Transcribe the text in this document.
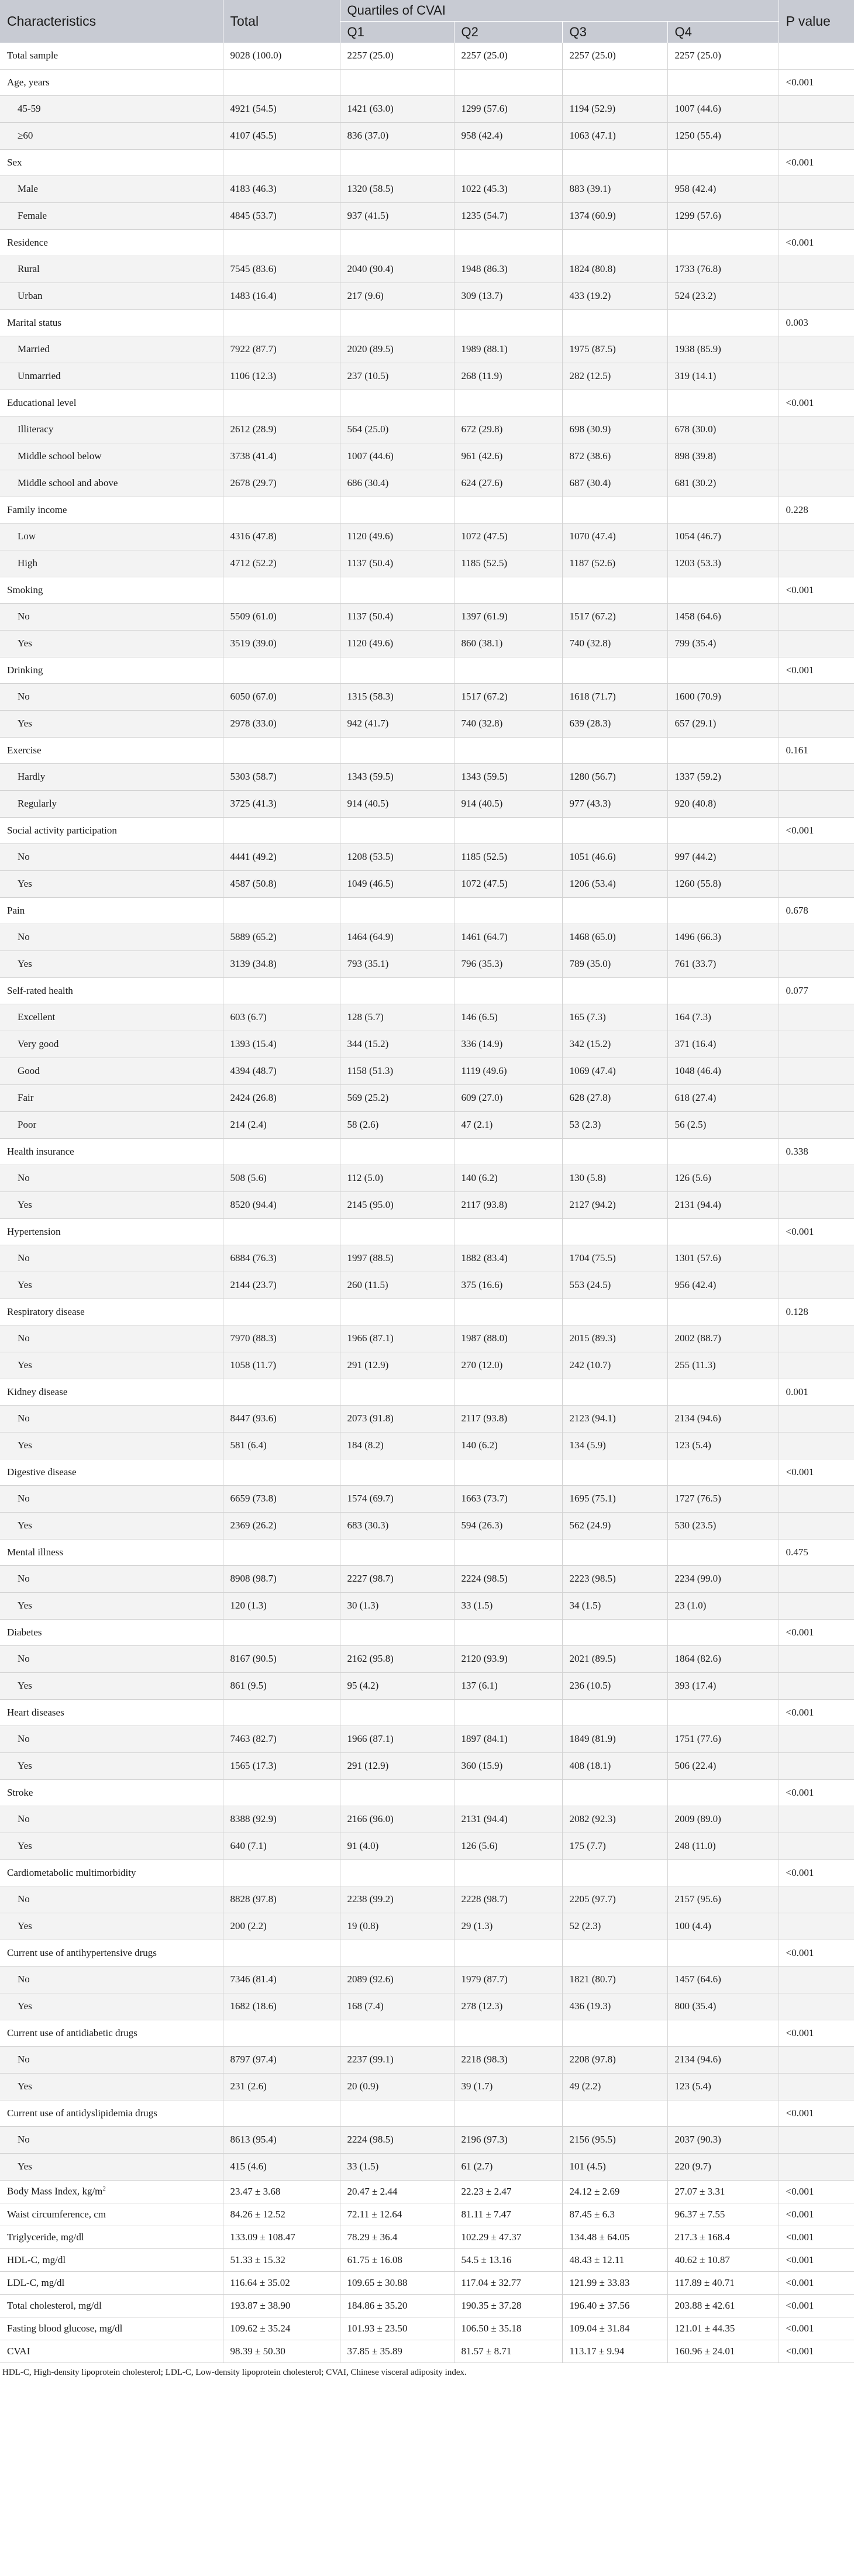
Characteristics	Total	Quartiles of CVAI				P value
		Q1	Q2	Q3	Q4	
Total sample	9028 (100.0)	2257 (25.0)	2257 (25.0)	2257 (25.0)	2257 (25.0)	
Age, years						<0.001
45-59	4921 (54.5)	1421 (63.0)	1299 (57.6)	1194 (52.9)	1007 (44.6)	
≥60	4107 (45.5)	836 (37.0)	958 (42.4)	1063 (47.1)	1250 (55.4)	
Sex						<0.001
Male	4183 (46.3)	1320 (58.5)	1022 (45.3)	883 (39.1)	958 (42.4)	
Female	4845 (53.7)	937 (41.5)	1235 (54.7)	1374 (60.9)	1299 (57.6)	
Residence						<0.001
Rural	7545 (83.6)	2040 (90.4)	1948 (86.3)	1824 (80.8)	1733 (76.8)	
Urban	1483 (16.4)	217 (9.6)	309 (13.7)	433 (19.2)	524 (23.2)	
Marital status						0.003
Married	7922 (87.7)	2020 (89.5)	1989 (88.1)	1975 (87.5)	1938 (85.9)	
Unmarried	1106 (12.3)	237 (10.5)	268 (11.9)	282 (12.5)	319 (14.1)	
Educational level						<0.001
Illiteracy	2612 (28.9)	564 (25.0)	672 (29.8)	698 (30.9)	678 (30.0)	
Middle school below	3738 (41.4)	1007 (44.6)	961 (42.6)	872 (38.6)	898 (39.8)	
Middle school and above	2678 (29.7)	686 (30.4)	624 (27.6)	687 (30.4)	681 (30.2)	
Family income						0.228
Low	4316 (47.8)	1120 (49.6)	1072 (47.5)	1070 (47.4)	1054 (46.7)	
High	4712 (52.2)	1137 (50.4)	1185 (52.5)	1187 (52.6)	1203 (53.3)	
Smoking						<0.001
No	5509 (61.0)	1137 (50.4)	1397 (61.9)	1517 (67.2)	1458 (64.6)	
Yes	3519 (39.0)	1120 (49.6)	860 (38.1)	740 (32.8)	799 (35.4)	
Drinking						<0.001
No	6050 (67.0)	1315 (58.3)	1517 (67.2)	1618 (71.7)	1600 (70.9)	
Yes	2978 (33.0)	942 (41.7)	740 (32.8)	639 (28.3)	657 (29.1)	
Exercise						0.161
Hardly	5303 (58.7)	1343 (59.5)	1343 (59.5)	1280 (56.7)	1337 (59.2)	
Regularly	3725 (41.3)	914 (40.5)	914 (40.5)	977 (43.3)	920 (40.8)	
Social activity participation						<0.001
No	4441 (49.2)	1208 (53.5)	1185 (52.5)	1051 (46.6)	997 (44.2)	
Yes	4587 (50.8)	1049 (46.5)	1072 (47.5)	1206 (53.4)	1260 (55.8)	
Pain						0.678
No	5889 (65.2)	1464 (64.9)	1461 (64.7)	1468 (65.0)	1496 (66.3)	
Yes	3139 (34.8)	793 (35.1)	796 (35.3)	789 (35.0)	761 (33.7)	
Self-rated health						0.077
Excellent	603 (6.7)	128 (5.7)	146 (6.5)	165 (7.3)	164 (7.3)	
Very good	1393 (15.4)	344 (15.2)	336 (14.9)	342 (15.2)	371 (16.4)	
Good	4394 (48.7)	1158 (51.3)	1119 (49.6)	1069 (47.4)	1048 (46.4)	
Fair	2424 (26.8)	569 (25.2)	609 (27.0)	628 (27.8)	618 (27.4)	
Poor	214 (2.4)	58 (2.6)	47 (2.1)	53 (2.3)	56 (2.5)	
Health insurance						0.338
No	508 (5.6)	112 (5.0)	140 (6.2)	130 (5.8)	126 (5.6)	
Yes	8520 (94.4)	2145 (95.0)	2117 (93.8)	2127 (94.2)	2131 (94.4)	
Hypertension						<0.001
No	6884 (76.3)	1997 (88.5)	1882 (83.4)	1704 (75.5)	1301 (57.6)	
Yes	2144 (23.7)	260 (11.5)	375 (16.6)	553 (24.5)	956 (42.4)	
Respiratory disease						0.128
No	7970 (88.3)	1966 (87.1)	1987 (88.0)	2015 (89.3)	2002 (88.7)	
Yes	1058 (11.7)	291 (12.9)	270 (12.0)	242 (10.7)	255 (11.3)	
Kidney disease						0.001
No	8447 (93.6)	2073 (91.8)	2117 (93.8)	2123 (94.1)	2134 (94.6)	
Yes	581 (6.4)	184 (8.2)	140 (6.2)	134 (5.9)	123 (5.4)	
Digestive disease						<0.001
No	6659 (73.8)	1574 (69.7)	1663 (73.7)	1695 (75.1)	1727 (76.5)	
Yes	2369 (26.2)	683 (30.3)	594 (26.3)	562 (24.9)	530 (23.5)	
Mental illness						0.475
No	8908 (98.7)	2227 (98.7)	2224 (98.5)	2223 (98.5)	2234 (99.0)	
Yes	120 (1.3)	30 (1.3)	33 (1.5)	34 (1.5)	23 (1.0)	
Diabetes						<0.001
No	8167 (90.5)	2162 (95.8)	2120 (93.9)	2021 (89.5)	1864 (82.6)	
Yes	861 (9.5)	95 (4.2)	137 (6.1)	236 (10.5)	393 (17.4)	
Heart diseases						<0.001
No	7463 (82.7)	1966 (87.1)	1897 (84.1)	1849 (81.9)	1751 (77.6)	
Yes	1565 (17.3)	291 (12.9)	360 (15.9)	408 (18.1)	506 (22.4)	
Stroke						<0.001
No	8388 (92.9)	2166 (96.0)	2131 (94.4)	2082 (92.3)	2009 (89.0)	
Yes	640 (7.1)	91 (4.0)	126 (5.6)	175 (7.7)	248 (11.0)	
Cardiometabolic multimorbidity						<0.001
No	8828 (97.8)	2238 (99.2)	2228 (98.7)	2205 (97.7)	2157 (95.6)	
Yes	200 (2.2)	19 (0.8)	29 (1.3)	52 (2.3)	100 (4.4)	
Current use of antihypertensive drugs						<0.001
No	7346 (81.4)	2089 (92.6)	1979 (87.7)	1821 (80.7)	1457 (64.6)	
Yes	1682 (18.6)	168 (7.4)	278 (12.3)	436 (19.3)	800 (35.4)	
Current use of antidiabetic drugs						<0.001
No	8797 (97.4)	2237 (99.1)	2218 (98.3)	2208 (97.8)	2134 (94.6)	
Yes	231 (2.6)	20 (0.9)	39 (1.7)	49 (2.2)	123 (5.4)	
Current use of antidyslipidemia drugs						<0.001
No	8613 (95.4)	2224 (98.5)	2196 (97.3)	2156 (95.5)	2037 (90.3)	
Yes	415 (4.6)	33 (1.5)	61 (2.7)	101 (4.5)	220 (9.7)	
Body Mass Index, $kg/m^2$	23.47 ± 3.68	20.47 ± 2.44	22.23 ± 2.47	24.12 ± 2.69	27.07 ± 3.31	<0.001
Waist circumference, cm	84.26 ± 12.52	72.11 ± 12.64	81.11 ± 7.47	87.45 ± 6.3	96.37 ± 7.55	<0.001
Triglyceride, mg/dl	133.09 ± 108.47	78.29 ± 36.4	102.29 ± 47.37	134.48 ± 64.05	217.3 ± 168.4	<0.001
HDL-C, mg/dl	51.33 ± 15.32	61.75 ± 16.08	54.5 ± 13.16	48.43 ± 12.11	40.62 ± 10.87	<0.001
LDL-C, mg/dl	116.64 ± 35.02	109.65 ± 30.88	117.04 ± 32.77	121.99 ± 33.83	117.89 ± 40.71	<0.001
Total cholesterol, mg/dl	193.87 ± 38.90	184.86 ± 35.20	190.35 ± 37.28	196.40 ± 37.56	203.88 ± 42.61	<0.001
Fasting blood glucose, mg/dl	109.62 ± 35.24	101.93 ± 23.50	106.50 ± 35.18	109.04 ± 31.84	121.01 ± 44.35	<0.001
CVAI	98.39 ± 50.30	37.85 ± 35.89	81.57 ± 8.71	113.17 ± 9.94	160.96 ± 24.01	<0.001
HDL-C, High-density lipoprotein cholesterol; LDL-C, Low-density lipoprotein cholesterol; CVAI, Chinese visceral adiposity index.
